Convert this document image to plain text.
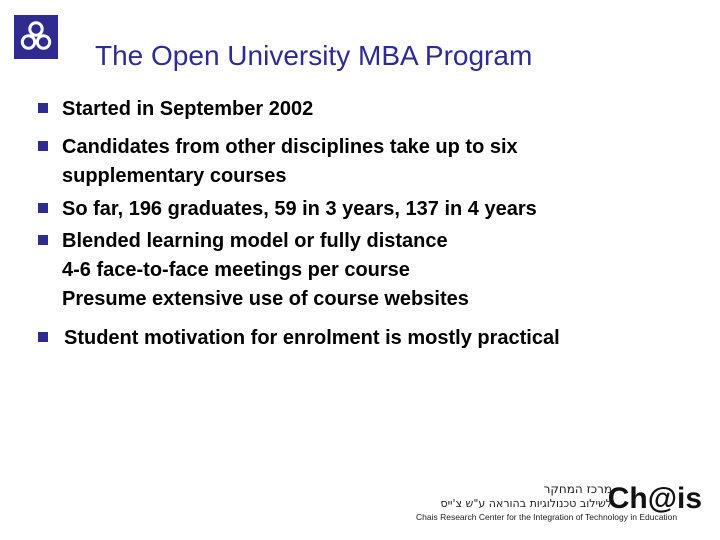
The Open University MBA Program
Started in September 2002
Candidates from other disciplines take up to six
supplementary courses
So far, 196 graduates, 59 in 3 years, 137 in 4 years
Blended learning model or fully distance
4-6 face-to-face meetings per course
Presume extensive use of course websites
Student motivation for enrolment is mostly practical
מרכז המחקר
לשילוב טכנולוגיות בהוראה ע"ש צ'ייס
Ch@is
Chais Research Center for the Integration of Technology in Education
